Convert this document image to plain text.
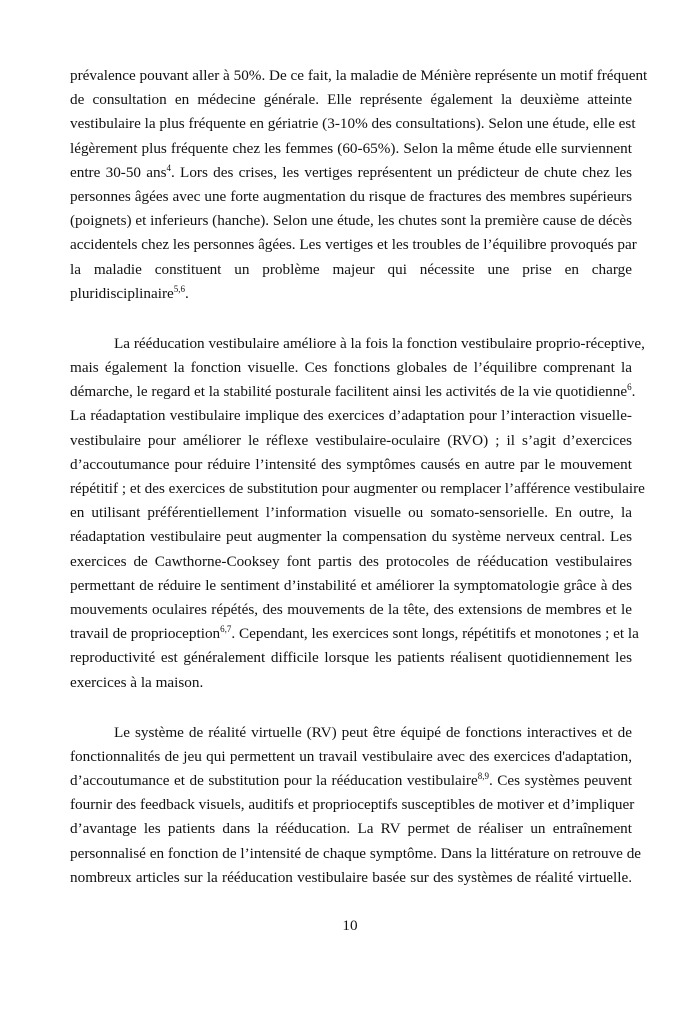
prévalence pouvant aller à 50%. De ce fait, la maladie de Ménière représente un motif fréquent
de consultation en médecine générale. Elle représente également la deuxième atteinte
vestibulaire la plus fréquente en gériatrie (3-10% des consultations). Selon une étude, elle est
légèrement plus fréquente chez les femmes (60-65%). Selon la même étude elle surviennent
entre 30-50 ans$^4$. Lors des crises, les vertiges représentent un prédicteur de chute chez les
personnes âgées avec une forte augmentation du risque de fractures des membres supérieurs
(poignets) et inferieurs (hanche). Selon une étude, les chutes sont la première cause de décès
accidentels chez les personnes âgées. Les vertiges et les troubles de l’équilibre provoqués par
la maladie constituent un problème majeur qui nécessite une prise en charge
pluridisciplinaire$^{5,6}$.
La rééducation vestibulaire améliore à la fois la fonction vestibulaire proprio-réceptive,
mais également la fonction visuelle. Ces fonctions globales de l’équilibre comprenant la
démarche, le regard et la stabilité posturale facilitent ainsi les activités de la vie quotidienne$^6$.
La réadaptation vestibulaire implique des exercices d’adaptation pour l’interaction visuelle-
vestibulaire pour améliorer le réflexe vestibulaire-oculaire (RVO) ; il s’agit d’exercices
d’accoutumance pour réduire l’intensité des symptômes causés en autre par le mouvement
répétitif ; et des exercices de substitution pour augmenter ou remplacer l’afférence vestibulaire
en utilisant préférentiellement l’information visuelle ou somato-sensorielle. En outre, la
réadaptation vestibulaire peut augmenter la compensation du système nerveux central. Les
exercices de Cawthorne-Cooksey font partis des protocoles de rééducation vestibulaires
permettant de réduire le sentiment d’instabilité et améliorer la symptomatologie grâce à des
mouvements oculaires répétés, des mouvements de la tête, des extensions de membres et le
travail de proprioception$^{6,7}$. Cependant, les exercices sont longs, répétitifs et monotones ; et la
reproductivité est généralement difficile lorsque les patients réalisent quotidiennement les
exercices à la maison.
Le système de réalité virtuelle (RV) peut être équipé de fonctions interactives et de
fonctionnalités de jeu qui permettent un travail vestibulaire avec des exercices d'adaptation,
d’accoutumance et de substitution pour la rééducation vestibulaire$^{8,9}$. Ces systèmes peuvent
fournir des feedback visuels, auditifs et proprioceptifs susceptibles de motiver et d’impliquer
d’avantage les patients dans la rééducation. La RV permet de réaliser un entraînement
personnalisé en fonction de l’intensité de chaque symptôme. Dans la littérature on retrouve de
nombreux articles sur la rééducation vestibulaire basée sur des systèmes de réalité virtuelle.
10
